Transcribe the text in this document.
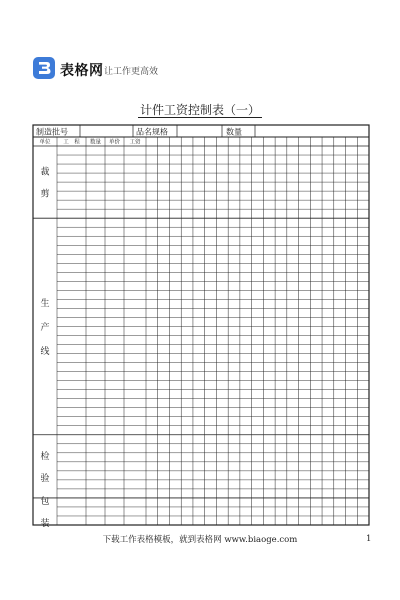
表格网 让工作更高效
计件工资控制表（一）
制造批号	品名规格	数量
单位 工　程 数量 单价 工资
裁
剪
生
产
线
检
验
包
装
下载工作表格模板，就到表格网 www.biaoge.com	1
